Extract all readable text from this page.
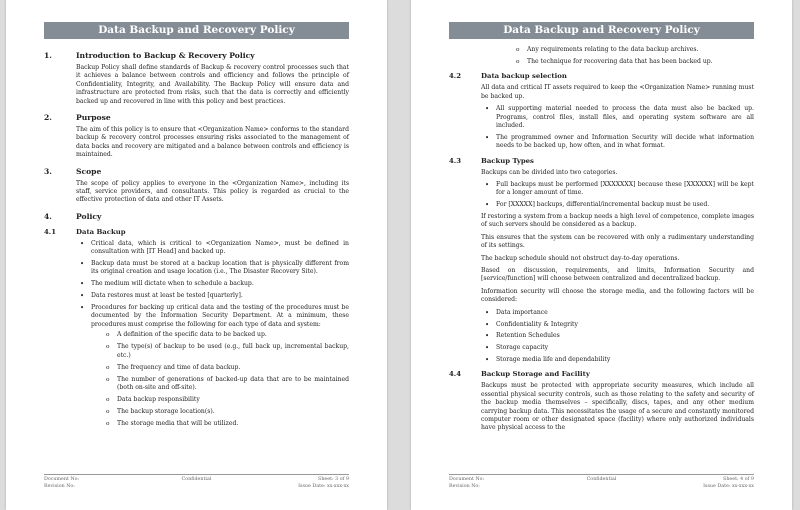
Data Backup and Recovery Policy
1.	Introduction to Backup & Recovery Policy

Backup Policy shall define standards of Backup & recovery control processes such that it achieves a balance between controls and efficiency and follows the principle of Confidentiality, Integrity, and Availability. The Backup Policy will ensure data and infrastructure are protected from risks, such that the data is correctly and efficiently backed up and recovered in line with this policy and best practices.

2.	Purpose

The aim of this policy is to ensure that <Organization Name> conforms to the standard backup & recovery control processes ensuring risks associated to the management of data backs and recovery are mitigated and a balance between controls and efficiency is maintained.

3.	Scope

The scope of policy applies to everyone in the <Organization Name>, including its staff, service providers, and consultants. This policy is regarded as crucial to the effective protection of data and other IT Assets.

4.	Policy
4.1	Data Backup
• Critical data, which is critical to <Organization Name>, must be defined in consultation with [IT Head] and backed up.
• Backup data must be stored at a backup location that is physically different from its original creation and usage location (i.e., The Disaster Recovery Site).
• The medium will dictate when to schedule a backup.
• Data restores must at least be tested [quarterly].
• Procedures for backing up critical data and the testing of the procedures must be documented by the Information Security Department. At a minimum, these procedures must comprise the following for each type of data and system:
o A definition of the specific data to be backed up.
o The type(s) of backup to be used (e.g., full back up, incremental backup, etc.)
o The frequency and time of data backup.
o The number of generations of backed-up data that are to be maintained (both on-site and off-site).
o Data backup responsibility
o The backup storage location(s).
o The storage media that will be utilized.
Document No:
Revision No:
Confidential	Sheet: 3 of 9
Issue Date: xx-xxx-xx
Data Backup and Recovery Policy
o Any requirements relating to the data backup archives.
o The technique for recovering data that has been backed up.
4.2	Data backup selection

All data and critical IT assets required to keep the <Organization Name> running must be backed up.

• All supporting material needed to process the data must also be backed up. Programs, control files, install files, and operating system software are all included.
• The programmed owner and Information Security will decide what information needs to be backed up, how often, and in what format.
4.3	Backup Types

Backups can be divided into two categories.

• Full backups must be performed [XXXXXXX] because these [XXXXXX] will be kept for a longer amount of time.
• For [XXXXX] backups, differential/incremental backup must be used.

If restoring a system from a backup needs a high level of competence, complete images of such servers should be considered as a backup.

This ensures that the system can be recovered with only a rudimentary understanding of its settings.

The backup schedule should not obstruct day-to-day operations.

Based on discussion, requirements, and limits, Information Security and [service/function] will choose between centralized and decentralized backup.

Information security will choose the storage media, and the following factors will be considered:

• Data importance
• Confidentiality & Integrity
• Retention Schedules
• Storage capacity
• Storage media life and dependability
4.4	Backup Storage and Facility

Backups must be protected with appropriate security measures, which include all essential physical security controls, such as those relating to the safety and security of the backup media themselves – specifically, discs, tapes, and any other medium carrying backup data. This necessitates the usage of a secure and constantly monitored computer room or other designated space (facility) where only authorized individuals have physical access to the

Document No:
Revision No:
Confidential	Sheet: 4 of 9
Issue Date: xx-xxx-xx
